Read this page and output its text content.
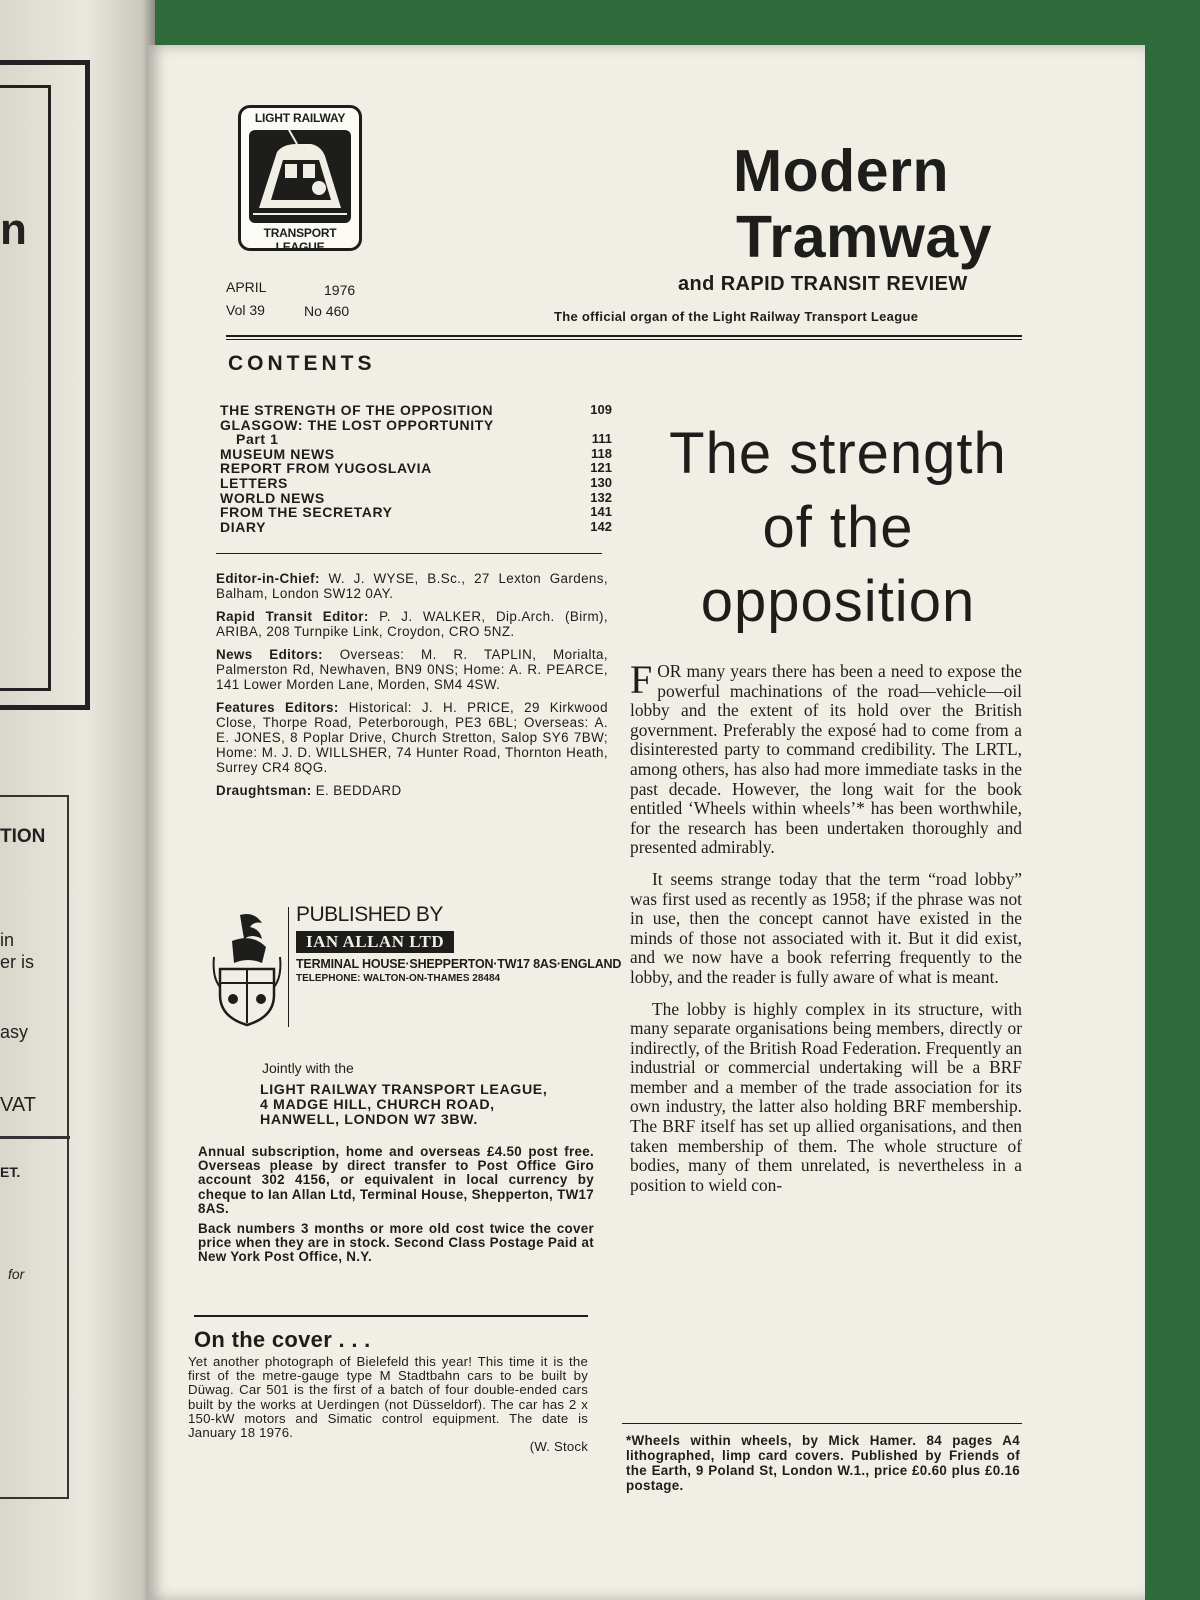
n
TION
in
er is
asy
VAT
ET.
for
LIGHT RAILWAY
TRANSPORT LEAGUE
Modern
Tramway
and RAPID TRANSIT REVIEW
The official organ of the Light Railway Transport League
APRIL	1976
Vol 39	No 460
CONTENTS
THE STRENGTH OF THE OPPOSITION
GLASGOW: THE LOST OPPORTUNITY
Part 1
MUSEUM NEWS
REPORT FROM YUGOSLAVIA
LETTERS
WORLD NEWS
FROM THE SECRETARY
DIARY
109
111
118
121
130
132
141
142

Editor-in-Chief: W. J. WYSE, B.Sc., 27 Lexton Gardens, Balham, London SW12 0AY.

Rapid Transit Editor: P. J. WALKER, Dip.Arch. (Birm), ARIBA, 208 Turnpike Link, Croydon, CRO 5NZ.

News Editors: Overseas: M. R. TAPLIN, Morialta, Palmerston Rd, Newhaven, BN9 0NS; Home: A. R. PEARCE, 141 Lower Morden Lane, Morden, SM4 4SW.

Features Editors: Historical: J. H. PRICE, 29 Kirkwood Close, Thorpe Road, Peterborough, PE3 6BL; Overseas: A. E. JONES, 8 Poplar Drive, Church Stretton, Salop SY6 7BW; Home: M. J. D. WILLSHER, 74 Hunter Road, Thornton Heath, Surrey CR4 8QG.

Draughtsman: E. BEDDARD

PUBLISHED BY
IAN ALLAN LTD
TERMINAL HOUSE·SHEPPERTON·TW17 8AS·ENGLAND
TELEPHONE: WALTON-ON-THAMES 28484
Jointly with the
LIGHT RAILWAY TRANSPORT LEAGUE,
4 MADGE HILL, CHURCH ROAD,
HANWELL, LONDON W7 3BW.

Annual subscription, home and overseas £4.50 post free. Overseas please by direct transfer to Post Office Giro account 302 4156, or equivalent in local currency by cheque to Ian Allan Ltd, Terminal House, Shepperton, TW17 8AS.

Back numbers 3 months or more old cost twice the cover price when they are in stock. Second Class Postage Paid at New York Post Office, N.Y.

On the cover . . .
Yet another photograph of Bielefeld this year! This time it is the first of the metre-gauge type M Stadtbahn cars to be built by Düwag. Car 501 is the first of a batch of four double-ended cars built by the works at Uerdingen (not Düsseldorf). The car has 2 x 150-kW motors and Simatic control equipment. The date is January 18 1976.
(W. Stock
The strength
of the
opposition

FOR many years there has been a need to expose the powerful machinations of the road—vehicle—oil lobby and the extent of its hold over the British government. Preferably the exposé had to come from a disinterested party to command credibility. The LRTL, among others, has also had more immediate tasks in the past decade. However, the long wait for the book entitled ‘Wheels within wheels’* has been worthwhile, for the research has been undertaken thoroughly and presented admirably.

It seems strange today that the term “road lobby” was first used as recently as 1958; if the phrase was not in use, then the concept cannot have existed in the minds of those not associated with it. But it did exist, and we now have a book referring frequently to the lobby, and the reader is fully aware of what is meant.

The lobby is highly complex in its structure, with many separate organisations being members, directly or indirectly, of the British Road Federation. Frequently an industrial or commercial undertaking will be a BRF member and a member of the trade association for its own industry, the latter also holding BRF membership. The BRF itself has set up allied organisations, and then taken membership of them. The whole structure of bodies, many of them unrelated, is nevertheless in a position to wield con-

*Wheels within wheels, by Mick Hamer. 84 pages A4 lithographed, limp card covers. Published by Friends of the Earth, 9 Poland St, London W.1., price £0.60 plus £0.16 postage.
